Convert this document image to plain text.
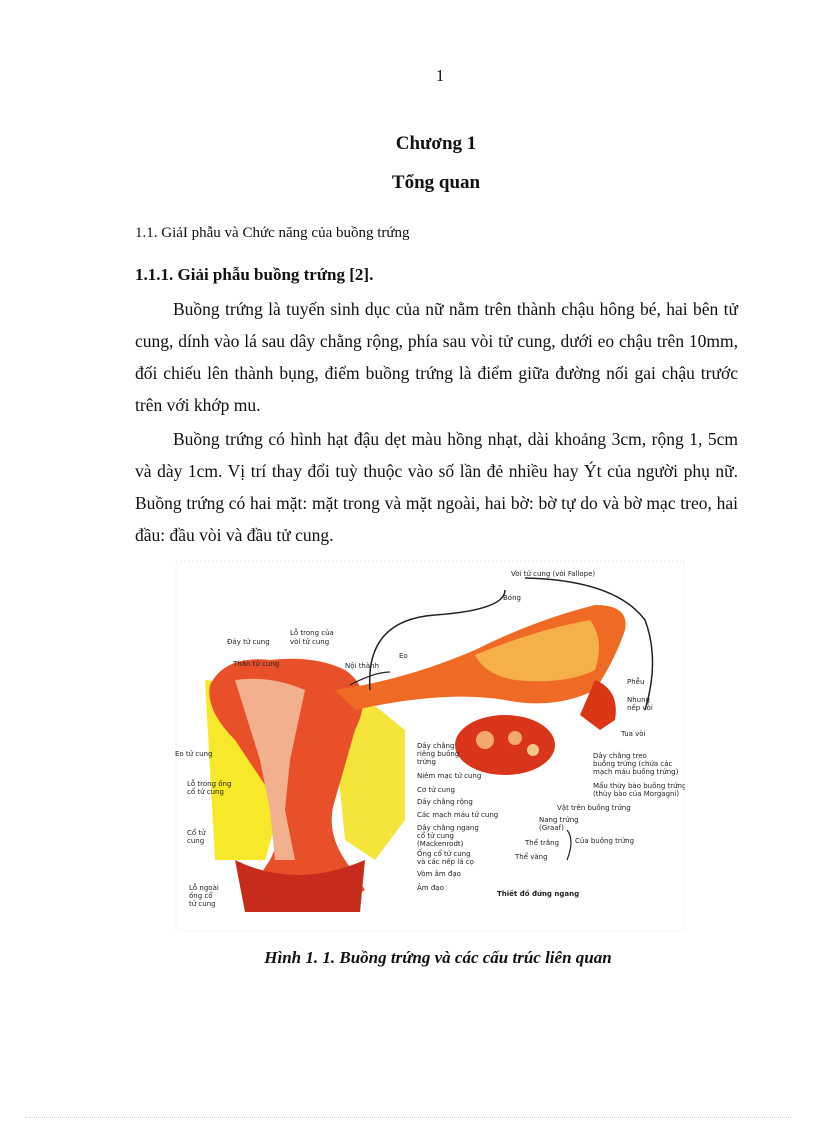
1
Chương 1
Tổng quan
1.1. GiảI phẫu và Chức năng của buồng trứng
1.1.1. Giải phẫu buồng trứng [2].
Buồng trứng là tuyến sinh dục của nữ nằm trên thành chậu hông bé, hai bên tử cung, dính vào lá sau dây chằng rộng, phía sau vòi tử cung, dưới eo chậu trên 10mm, đối chiếu lên thành bụng, điểm buồng trứng là điểm giữa đường nối gai chậu trước trên với khớp mu.
Buồng trứng có hình hạt đậu dẹt màu hồng nhạt, dài khoảng 3cm, rộng 1, 5cm và dày 1cm. Vị trí thay đổi tuỳ thuộc vào số lần đẻ nhiều hay Ýt của người phụ nữ. Buồng trứng có hai mặt: mặt trong và mặt ngoài, hai bờ: bờ tự do và bờ mạc treo, hai đầu: đầu vòi và đầu tử cung.
Vòi tử cung (vòi Fallope)
Bóng
Đáy tử cung
Lỗ trong của
vòi tử cung
Thân tử cung	Nội thành
Eo
Phễu
Nhung
nếp vòi
Tua vòi
Dây chằng treo
buồng trứng (chứa các
mạch máu buồng trứng)
Mẩu thừy bào buồng trứng
(thùy bào của Morgagni)
Vật trên buồng trứng
Nang trứng
(Graaf)
Thể trắng
Thể vàng
Của buồng trứng
Dây chằng
riêng buồng
trứng
Niêm mạc tử cung
Cơ tử cung
Dây chằng rộng
Các mạch máu tử cung
Dây chằng ngang
cổ tử cung
(Mackenrodt)
Ống cổ tử cung
và các nếp lá cọ
Vòm âm đạo
Âm đạo
Eo tử cung
Lỗ trong ống
cổ tử cung
Cổ tử
cung
Lỗ ngoài
ống cổ
tử cung
Thiết đồ đứng ngang
Hình 1. 1. Buồng trứng và các cấu trúc liên quan
